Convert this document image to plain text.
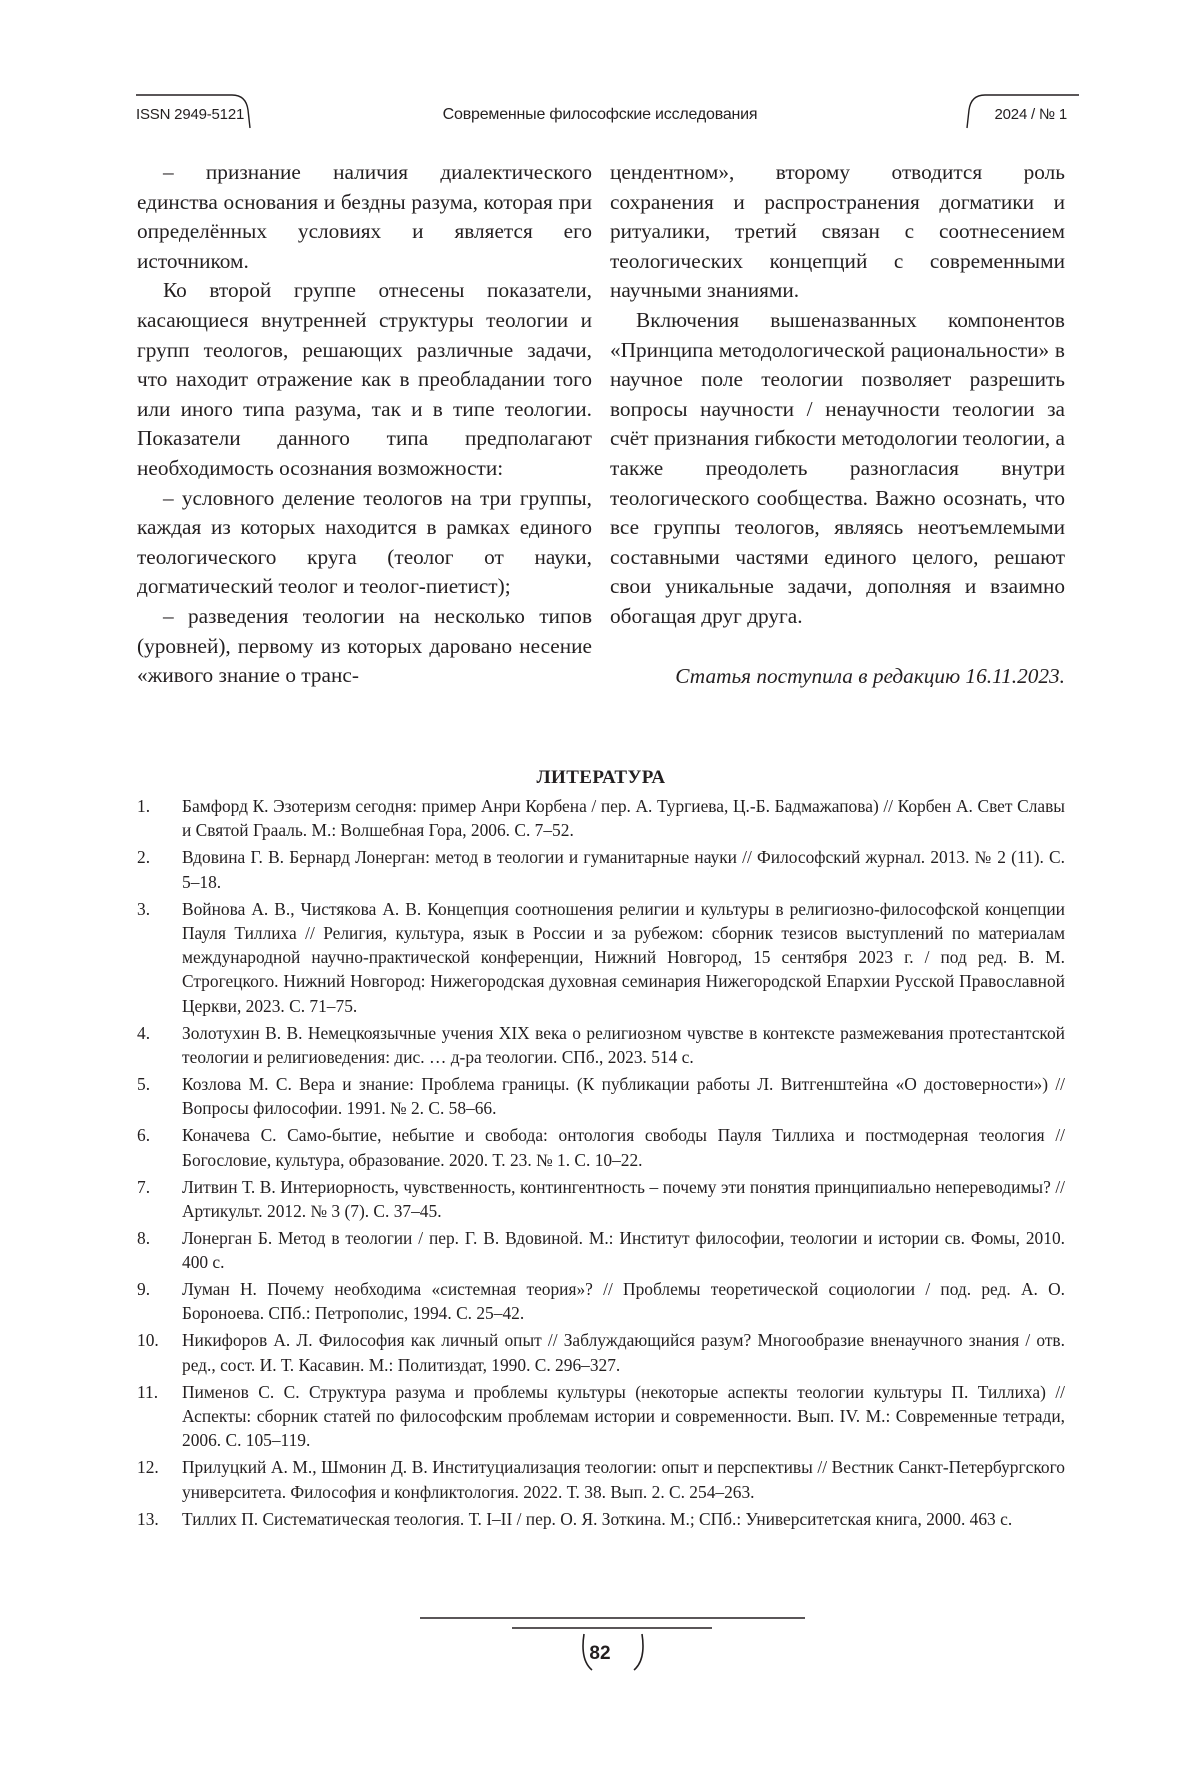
ISSN 2949-5121	Современные философские исследования	2024 / № 1

– признание наличия диалектического единства основания и бездны разума, которая при определённых условиях и является его источником.

Ко второй группе отнесены показатели, касающиеся внутренней структуры теологии и групп теологов, решающих различные задачи, что находит отражение как в преобладании того или иного типа разума, так и в типе теологии. Показатели данного типа предполагают необходимость осознания возможности:

– условного деление теологов на три группы, каждая из которых находится в рамках единого теологического круга (теолог от науки, догматический теолог и теолог-пиетист);

– разведения теологии на несколько типов (уровней), первому из которых даровано несение «живого знание о транс-

цендентном», второму отводится роль сохранения и распространения догматики и ритуалики, третий связан с соотнесением теологических концепций с современными научными знаниями.

Включения вышеназванных компонентов «Принципа методологической рациональности» в научное поле теологии позволяет разрешить вопросы научности / ненаучности теологии за счёт признания гибкости методологии теологии, а также преодолеть разногласия внутри теологического сообщества. Важно осознать, что все группы теологов, являясь неотъемлемыми составными частями единого целого, решают свои уникальные задачи, дополняя и взаимно обогащая друг друга.

Статья поступила в редакцию 16.11.2023.

ЛИТЕРАТУРА
1.	Бамфорд К. Эзотеризм сегодня: пример Анри Корбена / пер. А. Тургиева, Ц.-Б. Бадмажапова) // Корбен А. Свет Славы и Святой Грааль. М.: Волшебная Гора, 2006. С. 7–52.
2.	Вдовина Г. В. Бернард Лонерган: метод в теологии и гуманитарные науки // Философский журнал. 2013. № 2 (11). С. 5–18.
3.	Войнова А. В., Чистякова А. В. Концепция соотношения религии и культуры в религиозно-философской концепции Пауля Тиллиха // Религия, культура, язык в России и за рубежом: сборник тезисов выступлений по материалам международной научно-практической конференции, Нижний Новгород, 15 сентября 2023 г. / под ред. В. М. Строгецкого. Нижний Новгород: Нижегородская духовная семинария Нижегородской Епархии Русской Православной Церкви, 2023. С. 71–75.
4.	Золотухин В. В. Немецкоязычные учения XIX века о религиозном чувстве в контексте размежевания протестантской теологии и религиоведения: дис. … д-ра теологии. СПб., 2023. 514 с.
5.	Козлова М. С. Вера и знание: Проблема границы. (К публикации работы Л. Витгенштейна «О достоверности») // Вопросы философии. 1991. № 2. С. 58–66.
6.	Коначева С. Само-бытие, небытие и свобода: онтология свободы Пауля Тиллиха и постмодерная теология // Богословие, культура, образование. 2020. Т. 23. № 1. С. 10–22.
7.	Литвин Т. В. Интериорность, чувственность, контингентность – почему эти понятия принципиально непереводимы? // Артикульт. 2012. № 3 (7). С. 37–45.
8.	Лонерган Б. Метод в теологии / пер. Г. В. Вдовиной. М.: Институт философии, теологии и истории св. Фомы, 2010. 400 с.
9.	Луман Н. Почему необходима «системная теория»? // Проблемы теоретической социологии / под. ред. А. О. Бороноева. СПб.: Петрополис, 1994. С. 25–42.
10.	Никифоров А. Л. Философия как личный опыт // Заблуждающийся разум? Многообразие вненаучного знания / отв. ред., сост. И. Т. Касавин. М.: Политиздат, 1990. С. 296–327.
11.	Пименов С. С. Структура разума и проблемы культуры (некоторые аспекты теологии культуры П. Тиллиха) // Аспекты: сборник статей по философским проблемам истории и современности. Вып. IV. М.: Современные тетради, 2006. С. 105–119.
12.	Прилуцкий А. М., Шмонин Д. В. Институциализация теологии: опыт и перспективы // Вестник Санкт-Петербургского университета. Философия и конфликтология. 2022. Т. 38. Вып. 2. С. 254–263.
13.	Тиллих П. Систематическая теология. Т. I–II / пер. О. Я. Зоткина. М.; СПб.: Университетская книга, 2000. 463 с.
82
